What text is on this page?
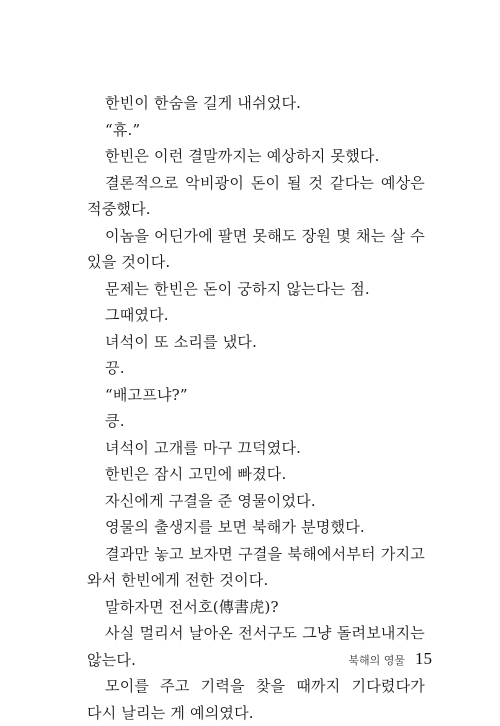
한빈이 한숨을 길게 내쉬었다.

“휴.”

한빈은 이런 결말까지는 예상하지 못했다.

결론적으로 악비광이 돈이 될 것 같다는 예상은 적중했다.

이놈을 어딘가에 팔면 못해도 장원 몇 채는 살 수 있을 것이다.

문제는 한빈은 돈이 궁하지 않는다는 점.

그때였다.

녀석이 또 소리를 냈다.

끙.

“배고프냐?”

킁.

녀석이 고개를 마구 끄덕였다.

한빈은 잠시 고민에 빠졌다.

자신에게 구결을 준 영물이었다.

영물의 출생지를 보면 북해가 분명했다.

결과만 놓고 보자면 구결을 북해에서부터 가지고 와서 한빈에게 전한 것이다.

말하자면 전서호(傳書虎)?

사실 멀리서 날아온 전서구도 그냥 돌려보내지는 않는다.

모이를 주고 기력을 찾을 때까지 기다렸다가 다시 날리는 게 예의였다.

북해의 영물 15
